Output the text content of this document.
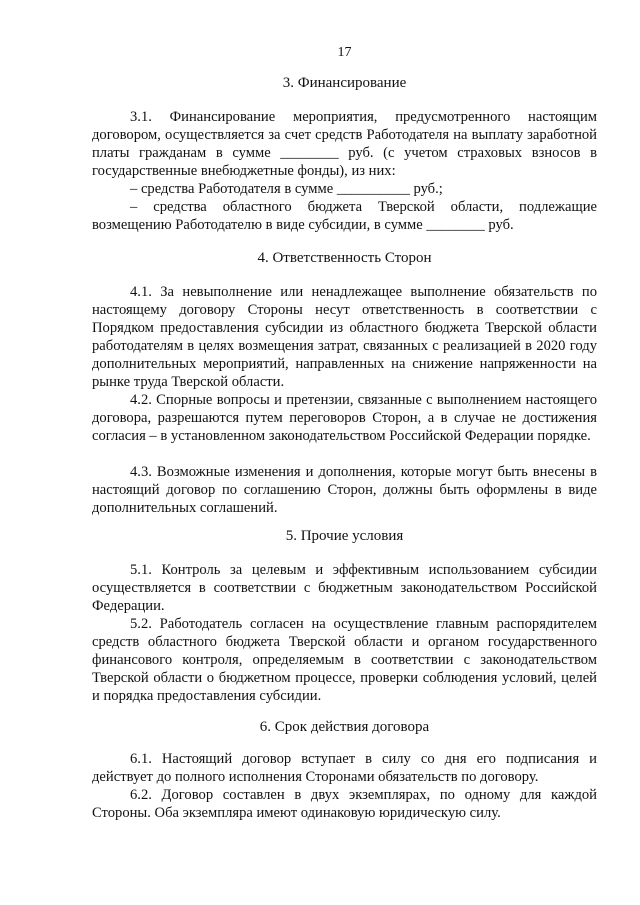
17
3. Финансирование

3.1. Финансирование мероприятия, предусмотренного настоящим договором, осуществляется за счет средств Работодателя на выплату заработной платы гражданам в сумме ________ руб. (с учетом страховых взносов в государственные внебюджетные фонды), из них:

– средства Работодателя в сумме __________ руб.;

– средства областного бюджета Тверской области, подлежащие возмещению Работодателю в виде субсидии, в сумме ________ руб.

4. Ответственность Сторон

4.1. За невыполнение или ненадлежащее выполнение обязательств по настоящему договору Стороны несут ответственность в соответствии с Порядком предоставления субсидии из областного бюджета Тверской области работодателям в целях возмещения затрат, связанных с реализацией в 2020 году дополнительных мероприятий, направленных на снижение напряженности на рынке труда Тверской области.

4.2. Спорные вопросы и претензии, связанные с выполнением настоящего договора, разрешаются путем переговоров Сторон, а в случае не достижения согласия – в установленном законодательством Российской Федерации порядке.

4.3. Возможные изменения и дополнения, которые могут быть внесены в настоящий договор по соглашению Сторон, должны быть оформлены в виде дополнительных соглашений.

5. Прочие условия

5.1. Контроль за целевым и эффективным использованием субсидии осуществляется в соответствии с бюджетным законодательством Российской Федерации.

5.2. Работодатель согласен на осуществление главным распорядителем средств областного бюджета Тверской области и органом государственного финансового контроля, определяемым в соответствии с законодательством Тверской области о бюджетном процессе, проверки соблюдения условий, целей и порядка предоставления субсидии.

6. Срок действия договора

6.1. Настоящий договор вступает в силу со дня его подписания и действует до полного исполнения Сторонами обязательств по договору.

6.2. Договор составлен в двух экземплярах, по одному для каждой Стороны. Оба экземпляра имеют одинаковую юридическую силу.
